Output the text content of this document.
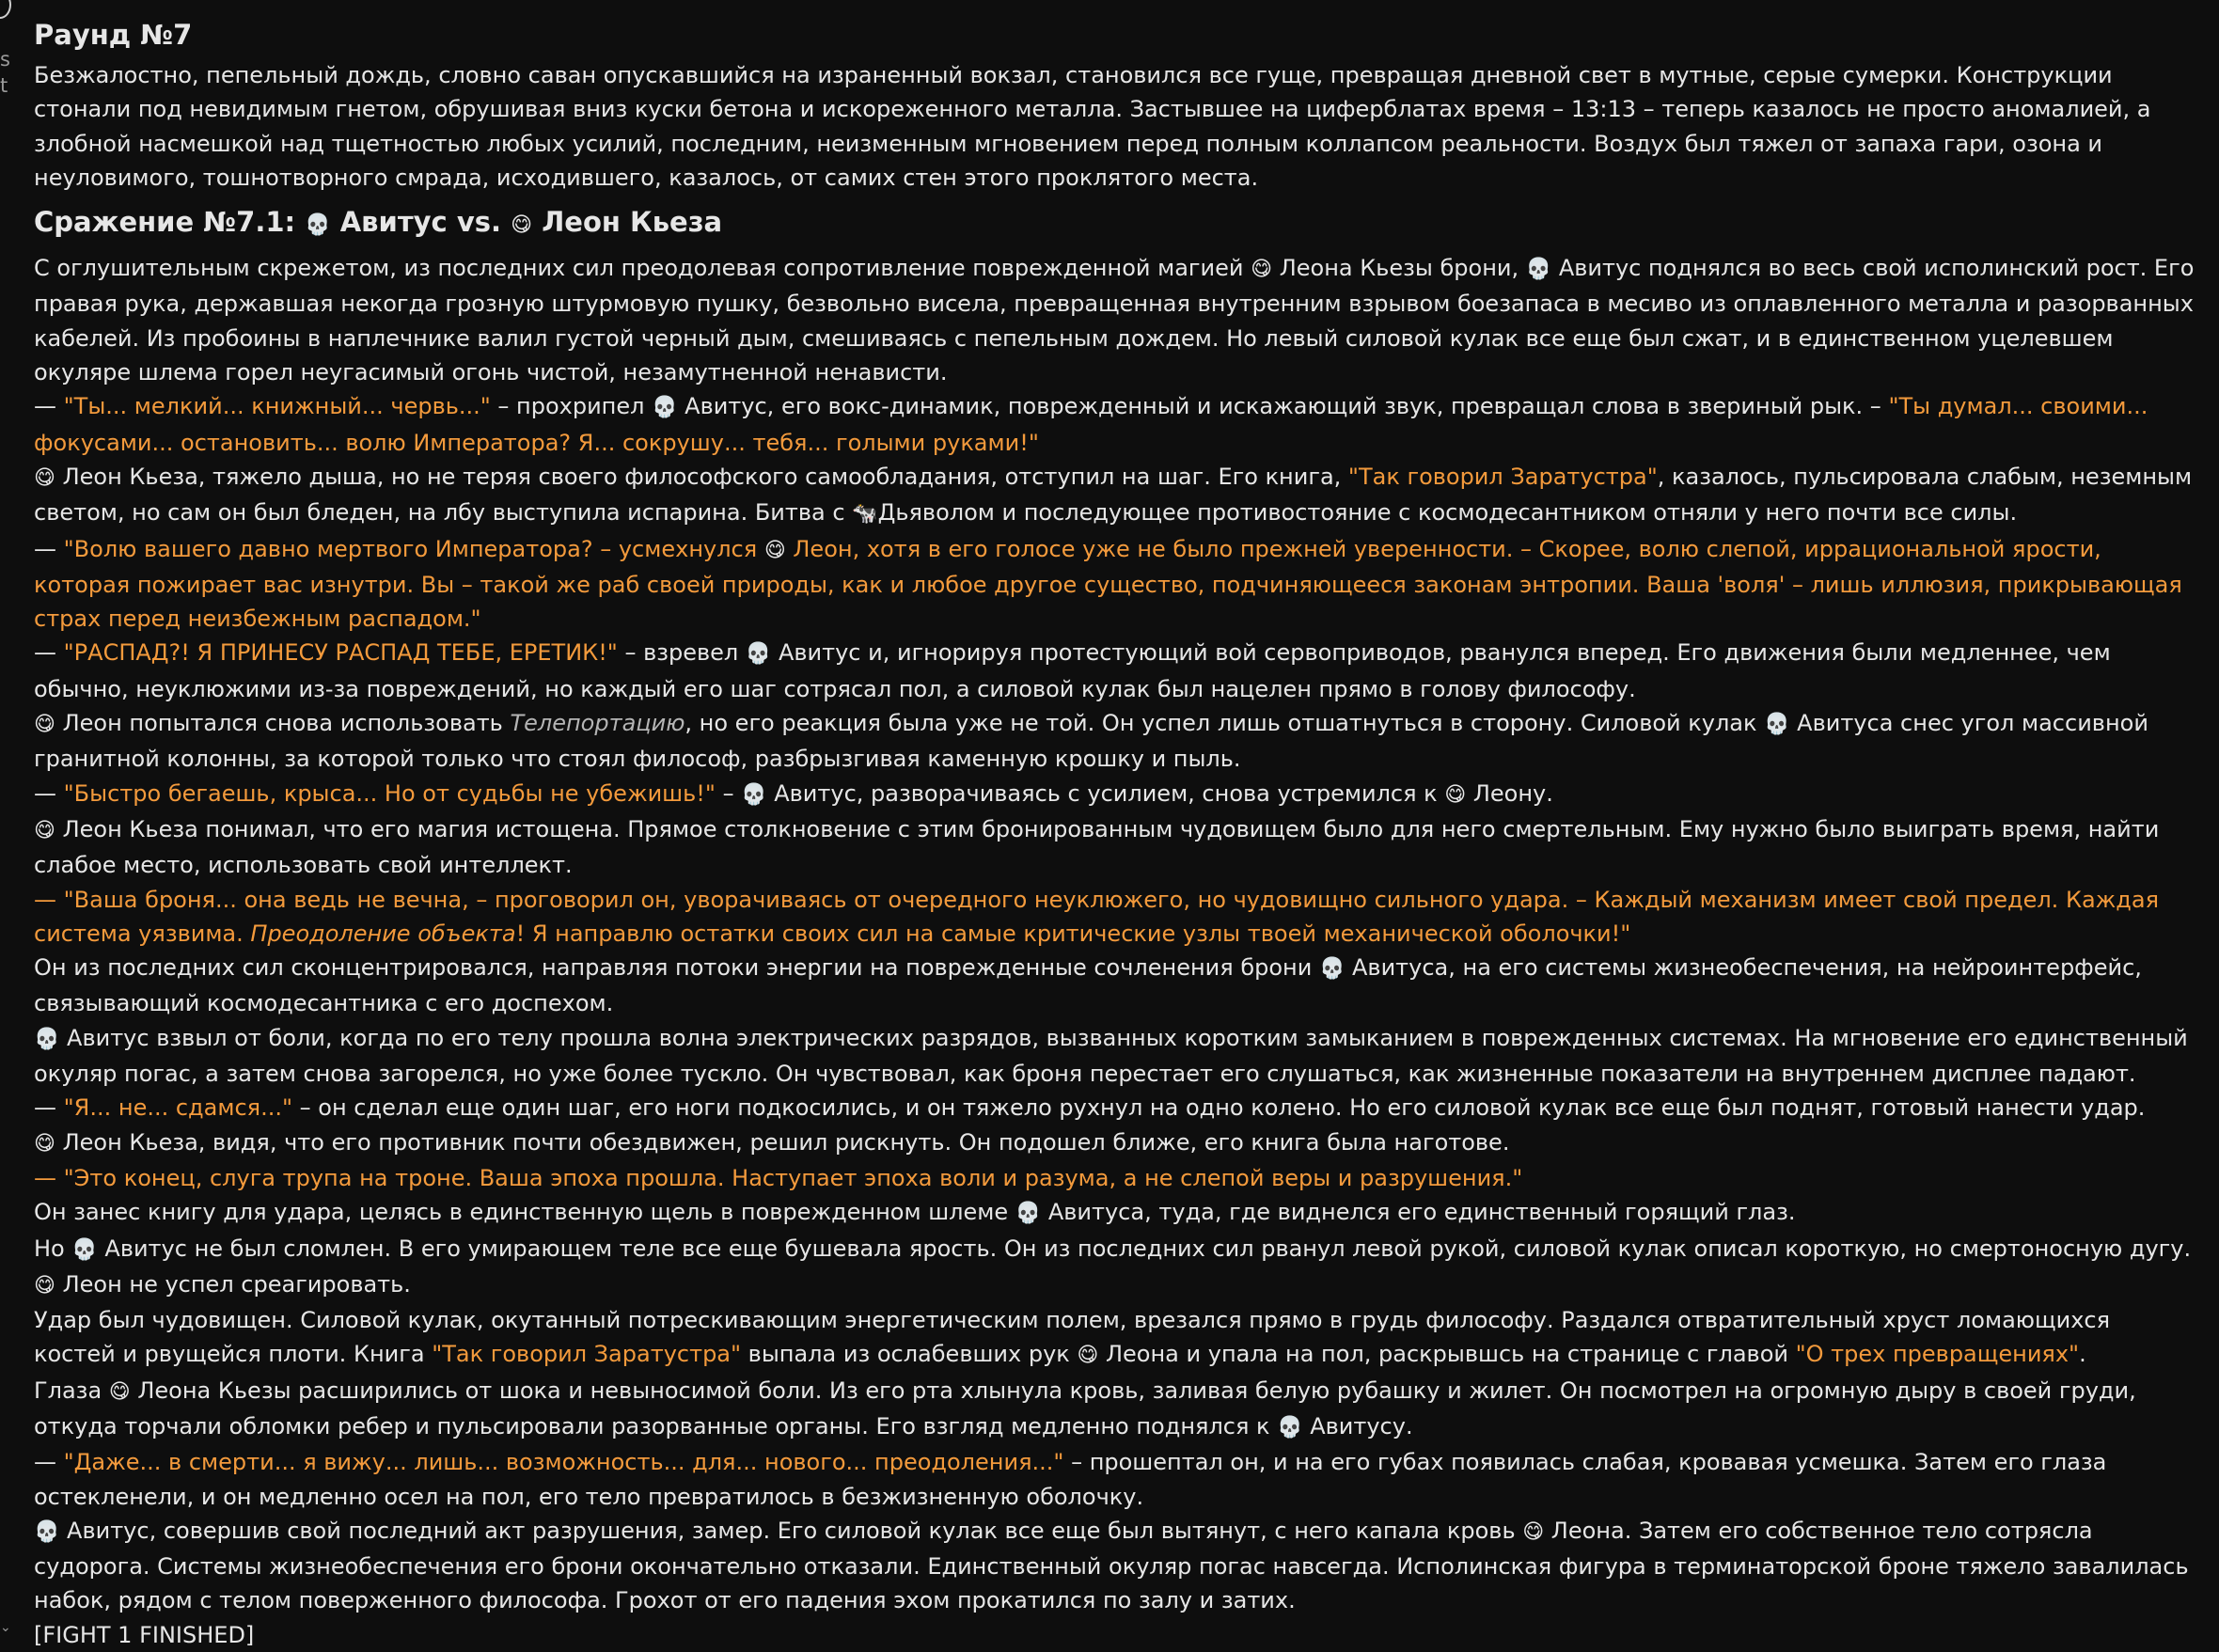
s
t
⌄
Раунд №7

Безжалостно, пепельный дождь, словно саван опускавшийся на израненный вокзал, становился все гуще, превращая дневной свет в мутные, серые сумерки. Конструкции стонали под невидимым гнетом, обрушивая вниз куски бетона и искореженного металла. Застывшее на циферблатах время – 13:13 – теперь казалось не просто аномалией, а злобной насмешкой над тщетностью любых усилий, последним, неизменным мгновением перед полным коллапсом реальности. Воздух был тяжел от запаха гари, озона и неуловимого, тошнотворного смрада, исходившего, казалось, от самих стен этого проклятого места.

Сражение №7.1: 💀 Авитус vs. 😋 Леон Кьеза

С оглушительным скрежетом, из последних сил преодолевая сопротивление поврежденной магией 😋 Леона Кьезы брони, 💀 Авитус поднялся во весь свой исполинский рост. Его правая рука, державшая некогда грозную штурмовую пушку, безвольно висела, превращенная внутренним взрывом боезапаса в месиво из оплавленного металла и разорванных кабелей. Из пробоины в наплечнике валил густой черный дым, смешиваясь с пепельным дождем. Но левый силовой кулак все еще был сжат, и в единственном уцелевшем окуляре шлема горел неугасимый огонь чистой, незамутненной ненависти.

— "Ты... мелкий... книжный... червь..." – прохрипел 💀 Авитус, его вокс-динамик, поврежденный и искажающий звук, превращал слова в звериный рык. – "Ты думал... своими... фокусами... остановить... волю Императора? Я... сокрушу... тебя... голыми руками!"

😋 Леон Кьеза, тяжело дыша, но не теряя своего философского самообладания, отступил на шаг. Его книга, "Так говорил Заратустра", казалось, пульсировала слабым, неземным светом, но сам он был бледен, на лбу выступила испарина. Битва с 🐄Дьяволом и последующее противостояние с космодесантником отняли у него почти все силы.

— "Волю вашего давно мертвого Императора? – усмехнулся 😋 Леон, хотя в его голосе уже не было прежней уверенности. – Скорее, волю слепой, иррациональной ярости, которая пожирает вас изнутри. Вы – такой же раб своей природы, как и любое другое существо, подчиняющееся законам энтропии. Ваша 'воля' – лишь иллюзия, прикрывающая страх перед неизбежным распадом."

— "РАСПАД?! Я ПРИНЕСУ РАСПАД ТЕБЕ, ЕРЕТИК!" – взревел 💀 Авитус и, игнорируя протестующий вой сервоприводов, рванулся вперед. Его движения были медленнее, чем обычно, неуклюжими из-за повреждений, но каждый его шаг сотрясал пол, а силовой кулак был нацелен прямо в голову философу.

😋 Леон попытался снова использовать Телепортацию, но его реакция была уже не той. Он успел лишь отшатнуться в сторону. Силовой кулак 💀 Авитуса снес угол массивной гранитной колонны, за которой только что стоял философ, разбрызгивая каменную крошку и пыль.

— "Быстро бегаешь, крыса... Но от судьбы не убежишь!" – 💀 Авитус, разворачиваясь с усилием, снова устремился к 😋 Леону.

😋 Леон Кьеза понимал, что его магия истощена. Прямое столкновение с этим бронированным чудовищем было для него смертельным. Ему нужно было выиграть время, найти слабое место, использовать свой интеллект.

— "Ваша броня... она ведь не вечна, – проговорил он, уворачиваясь от очередного неуклюжего, но чудовищно сильного удара. – Каждый механизм имеет свой предел. Каждая система уязвима. Преодоление объекта! Я направлю остатки своих сил на самые критические узлы твоей механической оболочки!"

Он из последних сил сконцентрировался, направляя потоки энергии на поврежденные сочленения брони 💀 Авитуса, на его системы жизнеобеспечения, на нейроинтерфейс, связывающий космодесантника с его доспехом.

💀 Авитус взвыл от боли, когда по его телу прошла волна электрических разрядов, вызванных коротким замыканием в поврежденных системах. На мгновение его единственный окуляр погас, а затем снова загорелся, но уже более тускло. Он чувствовал, как броня перестает его слушаться, как жизненные показатели на внутреннем дисплее падают.

— "Я... не... сдамся..." – он сделал еще один шаг, его ноги подкосились, и он тяжело рухнул на одно колено. Но его силовой кулак все еще был поднят, готовый нанести удар.

😋 Леон Кьеза, видя, что его противник почти обездвижен, решил рискнуть. Он подошел ближе, его книга была наготове.

— "Это конец, слуга трупа на троне. Ваша эпоха прошла. Наступает эпоха воли и разума, а не слепой веры и разрушения."

Он занес книгу для удара, целясь в единственную щель в поврежденном шлеме 💀 Авитуса, туда, где виднелся его единственный горящий глаз.

Но 💀 Авитус не был сломлен. В его умирающем теле все еще бушевала ярость. Он из последних сил рванул левой рукой, силовой кулак описал короткую, но смертоносную дугу.

😋 Леон не успел среагировать.

Удар был чудовищен. Силовой кулак, окутанный потрескивающим энергетическим полем, врезался прямо в грудь философу. Раздался отвратительный хруст ломающихся костей и рвущейся плоти. Книга "Так говорил Заратустра" выпала из ослабевших рук 😋 Леона и упала на пол, раскрывшсь на странице с главой "О трех превращениях".

Глаза 😋 Леона Кьезы расширились от шока и невыносимой боли. Из его рта хлынула кровь, заливая белую рубашку и жилет. Он посмотрел на огромную дыру в своей груди, откуда торчали обломки ребер и пульсировали разорванные органы. Его взгляд медленно поднялся к 💀 Авитусу.

— "Даже... в смерти... я вижу... лишь... возможность... для... нового... преодоления..." – прошептал он, и на его губах появилась слабая, кровавая усмешка. Затем его глаза остекленели, и он медленно осел на пол, его тело превратилось в безжизненную оболочку.

💀 Авитус, совершив свой последний акт разрушения, замер. Его силовой кулак все еще был вытянут, с него капала кровь 😋 Леона. Затем его собственное тело сотрясла судорога. Системы жизнеобеспечения его брони окончательно отказали. Единственный окуляр погас навсегда. Исполинская фигура в терминаторской броне тяжело завалилась набок, рядом с телом поверженного философа. Грохот от его падения эхом прокатился по залу и затих.

[FIGHT 1 FINISHED]
